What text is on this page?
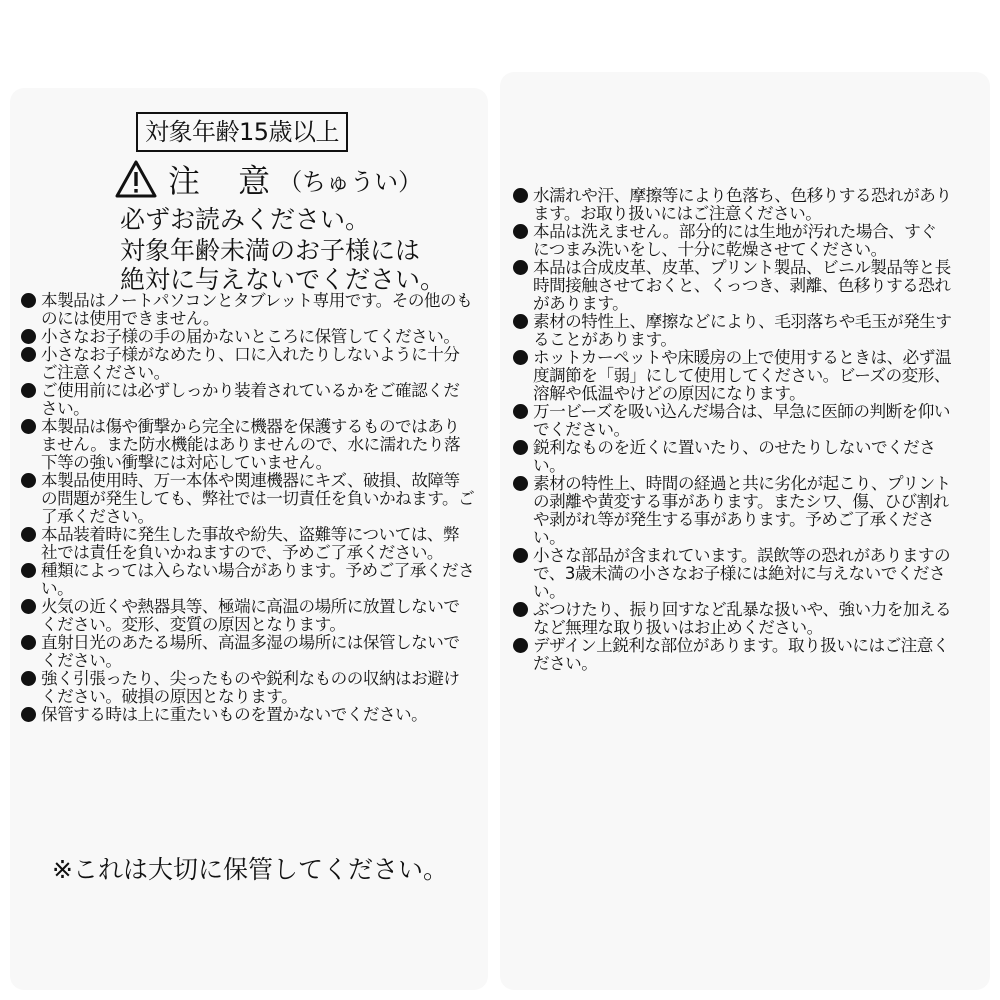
対象年齢15歳以上
注 意
（ちゅうい）
必ずお読みください。
対象年齢未満のお子様には
絶対に与えないでください。
本製品はノートパソコンとタブレット専用です。その他のものには使用できません。
小さなお子様の手の届かないところに保管してください。
小さなお子様がなめたり、口に入れたりしないように十分ご注意ください。
ご使用前には必ずしっかり装着されているかをご確認ください。
本製品は傷や衝撃から完全に機器を保護するものではありません。また防水機能はありませんので、水に濡れたり落下等の強い衝撃には対応していません。
本製品使用時、万一本体や関連機器にキズ、破損、故障等の問題が発生しても、弊社では一切責任を負いかねます。ご了承ください。
本品装着時に発生した事故や紛失、盗難等については、弊社では責任を負いかねますので、予めご了承ください。
種類によっては入らない場合があります。予めご了承ください。
火気の近くや熱器具等、極端に高温の場所に放置しないでください。変形、変質の原因となります。
直射日光のあたる場所、高温多湿の場所には保管しないでください。
強く引張ったり、尖ったものや鋭利なものの収納はお避けください。破損の原因となります。
保管する時は上に重たいものを置かないでください。
※これは大切に保管してください。
水濡れや汗、摩擦等により色落ち、色移りする恐れがあります。お取り扱いにはご注意ください。
本品は洗えません。部分的には生地が汚れた場合、すぐにつまみ洗いをし、十分に乾燥させてください。
本品は合成皮革、皮革、プリント製品、ビニル製品等と長時間接触させておくと、くっつき、剥離、色移りする恐れがあります。
素材の特性上、摩擦などにより、毛羽落ちや毛玉が発生することがあります。
ホットカーペットや床暖房の上で使用するときは、必ず温度調節を「弱」にして使用してください。ビーズの変形、溶解や低温やけどの原因になります。
万一ビーズを吸い込んだ場合は、早急に医師の判断を仰いでください。
鋭利なものを近くに置いたり、のせたりしないでください。
素材の特性上、時間の経過と共に劣化が起こり、プリントの剥離や黄変する事があります。またシワ、傷、ひび割れや剥がれ等が発生する事があります。予めご了承ください。
小さな部品が含まれています。誤飲等の恐れがありますので、3歳未満の小さなお子様には絶対に与えないでください。
ぶつけたり、振り回すなど乱暴な扱いや、強い力を加えるなど無理な取り扱いはお止めください。
デザイン上鋭利な部位があります。取り扱いにはご注意ください。
